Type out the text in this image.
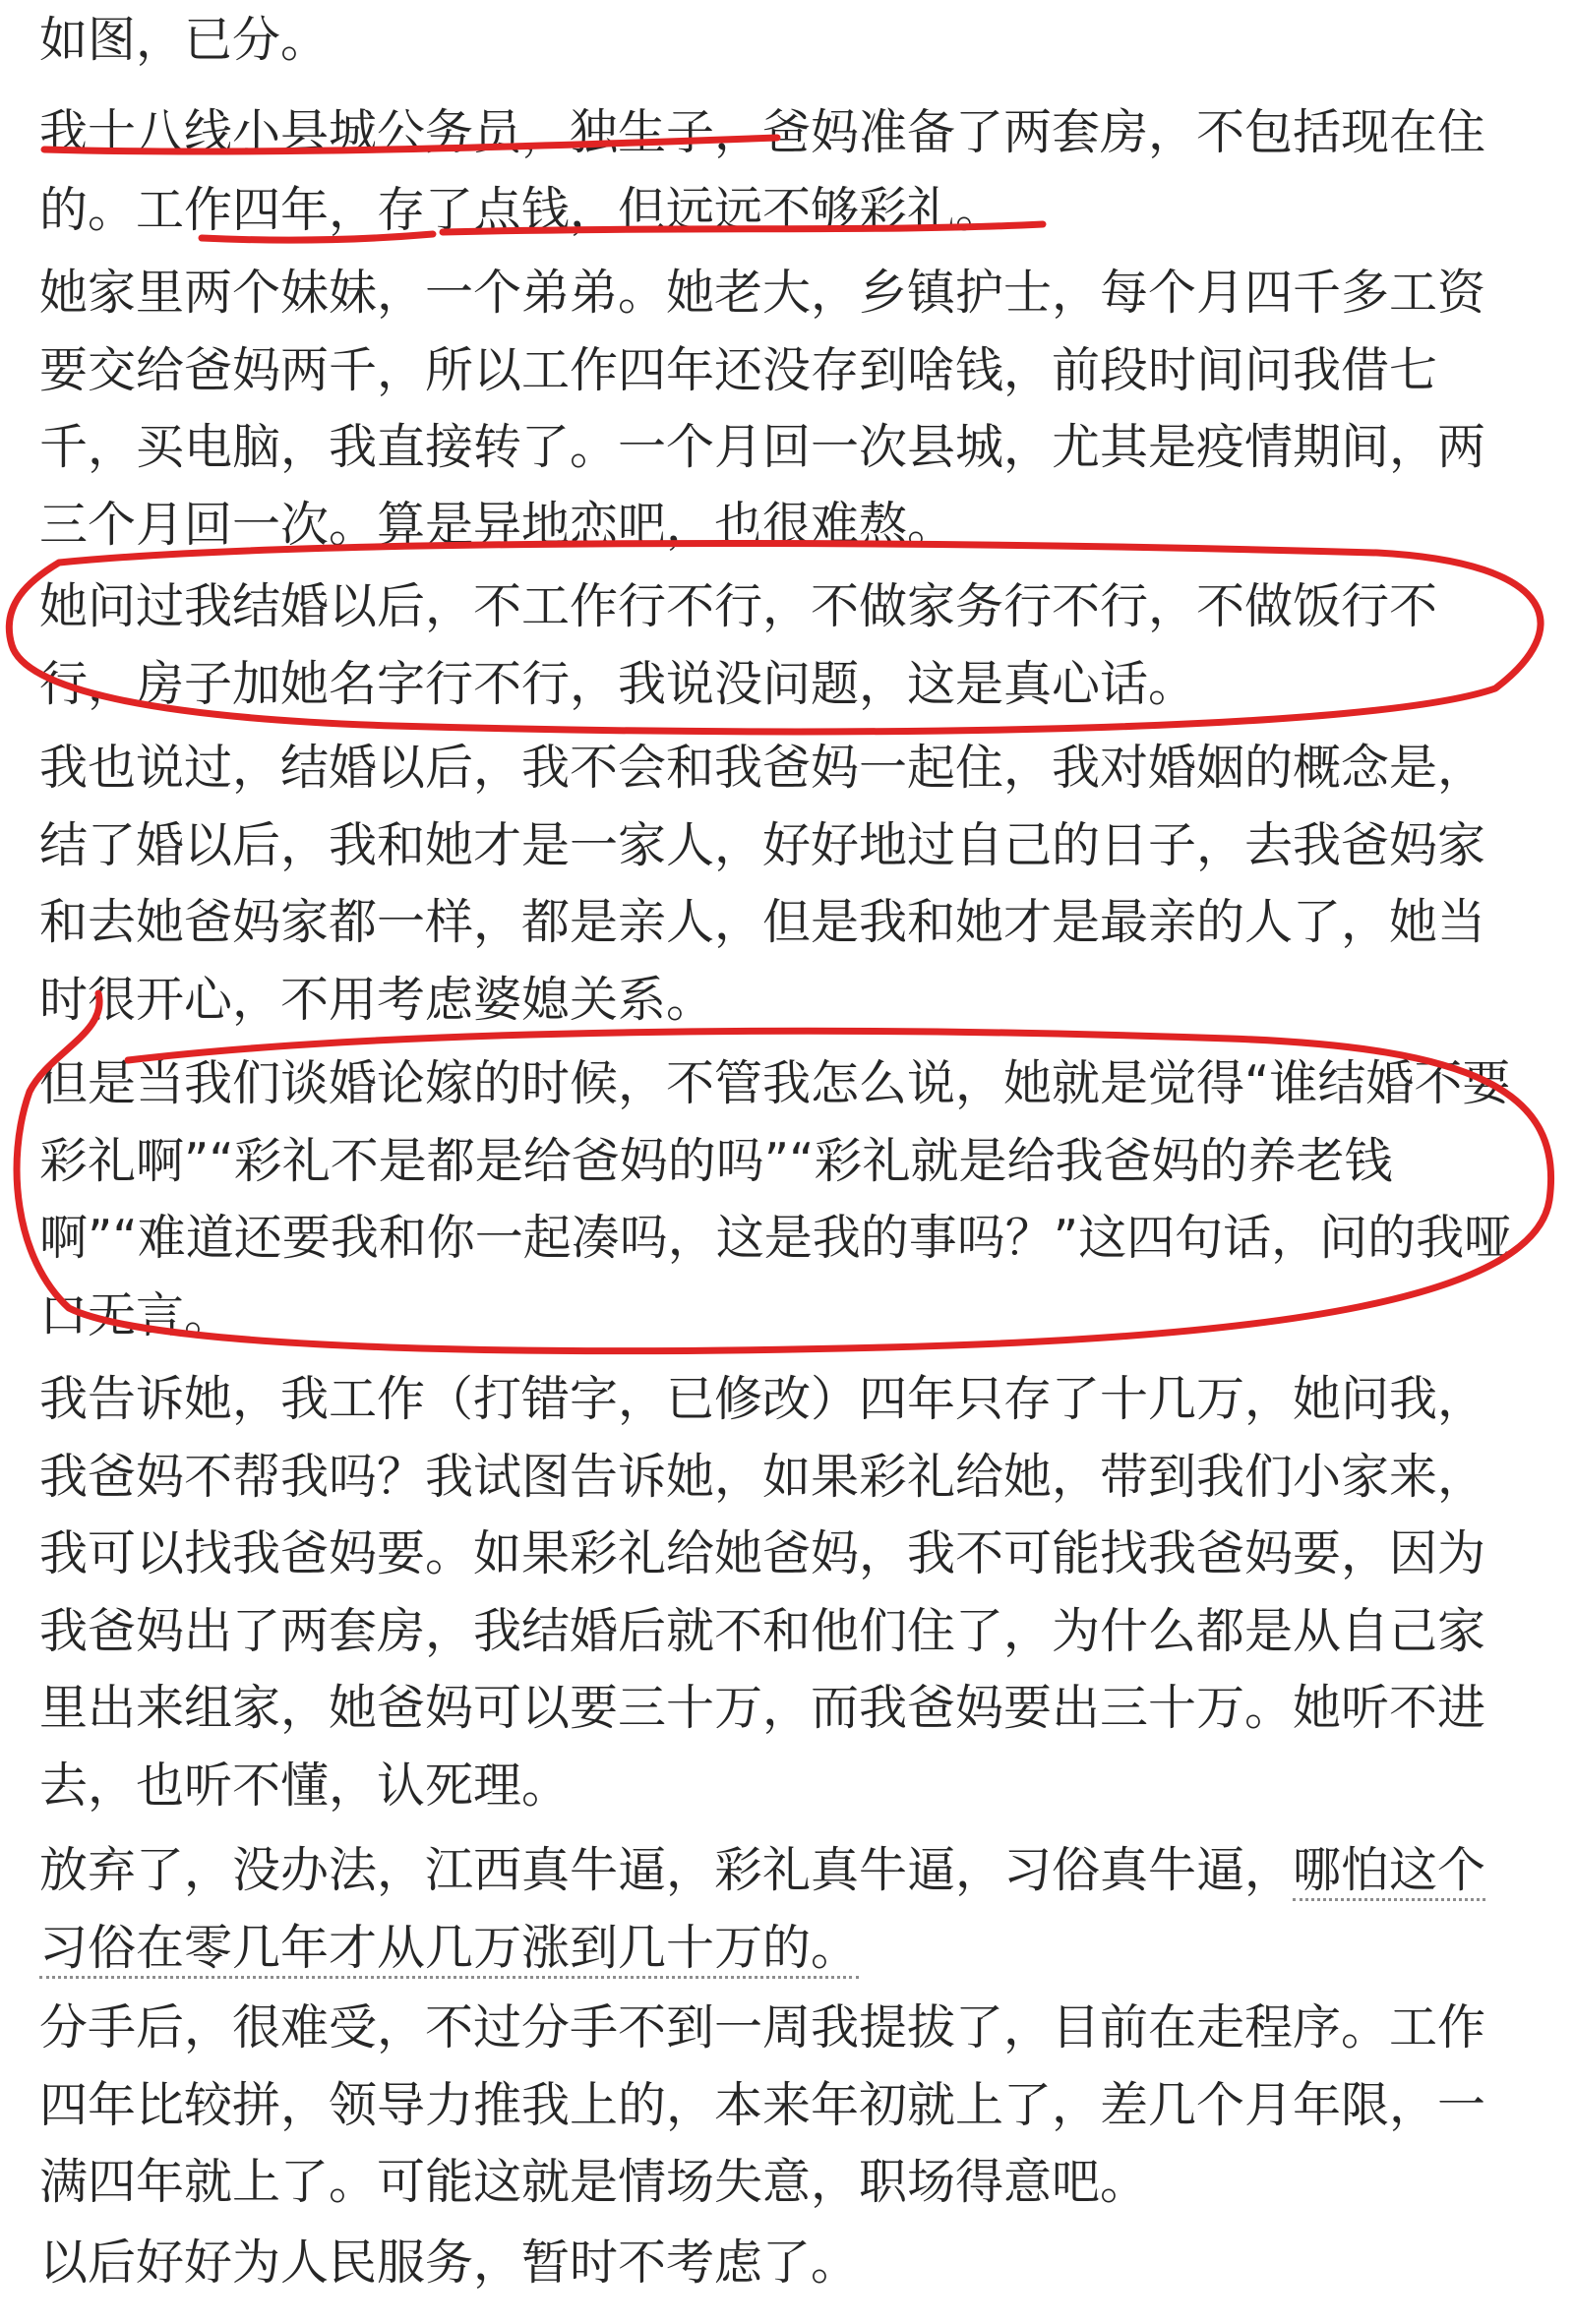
如图，已分。

我十八线小县城公务员，独生子，爸妈准备了两套房，不包括现在住的。工作四年，存了点钱，但远远不够彩礼。

她家里两个妹妹，一个弟弟。她老大，乡镇护士，每个月四千多工资要交给爸妈两千，所以工作四年还没存到啥钱，前段时间问我借七千，买电脑，我直接转了。一个月回一次县城，尤其是疫情期间，两三个月回一次。算是异地恋吧，也很难熬。

她问过我结婚以后，不工作行不行，不做家务行不行，不做饭行不行，房子加她名字行不行，我说没问题，这是真心话。

我也说过，结婚以后，我不会和我爸妈一起住，我对婚姻的概念是，结了婚以后，我和她才是一家人，好好地过自己的日子，去我爸妈家和去她爸妈家都一样，都是亲人，但是我和她才是最亲的人了，她当时很开心，不用考虑婆媳关系。

但是当我们谈婚论嫁的时候，不管我怎么说，她就是觉得“谁结婚不要彩礼啊”“彩礼不是都是给爸妈的吗”“彩礼就是给我爸妈的养老钱啊”“难道还要我和你一起凑吗，这是我的事吗？”这四句话，问的我哑口无言。

我告诉她，我工作（打错字，已修改）四年只存了十几万，她问我，我爸妈不帮我吗？我试图告诉她，如果彩礼给她，带到我们小家来，我可以找我爸妈要。如果彩礼给她爸妈，我不可能找我爸妈要，因为我爸妈出了两套房，我结婚后就不和他们住了，为什么都是从自己家里出来组家，她爸妈可以要三十万，而我爸妈要出三十万。她听不进去，也听不懂，认死理。

放弃了，没办法，江西真牛逼，彩礼真牛逼，习俗真牛逼，哪怕这个习俗在零几年才从几万涨到几十万的。

分手后，很难受，不过分手不到一周我提拔了，目前在走程序。工作四年比较拼，领导力推我上的，本来年初就上了，差几个月年限，一满四年就上了。可能这就是情场失意，职场得意吧。

以后好好为人民服务，暂时不考虑了。
